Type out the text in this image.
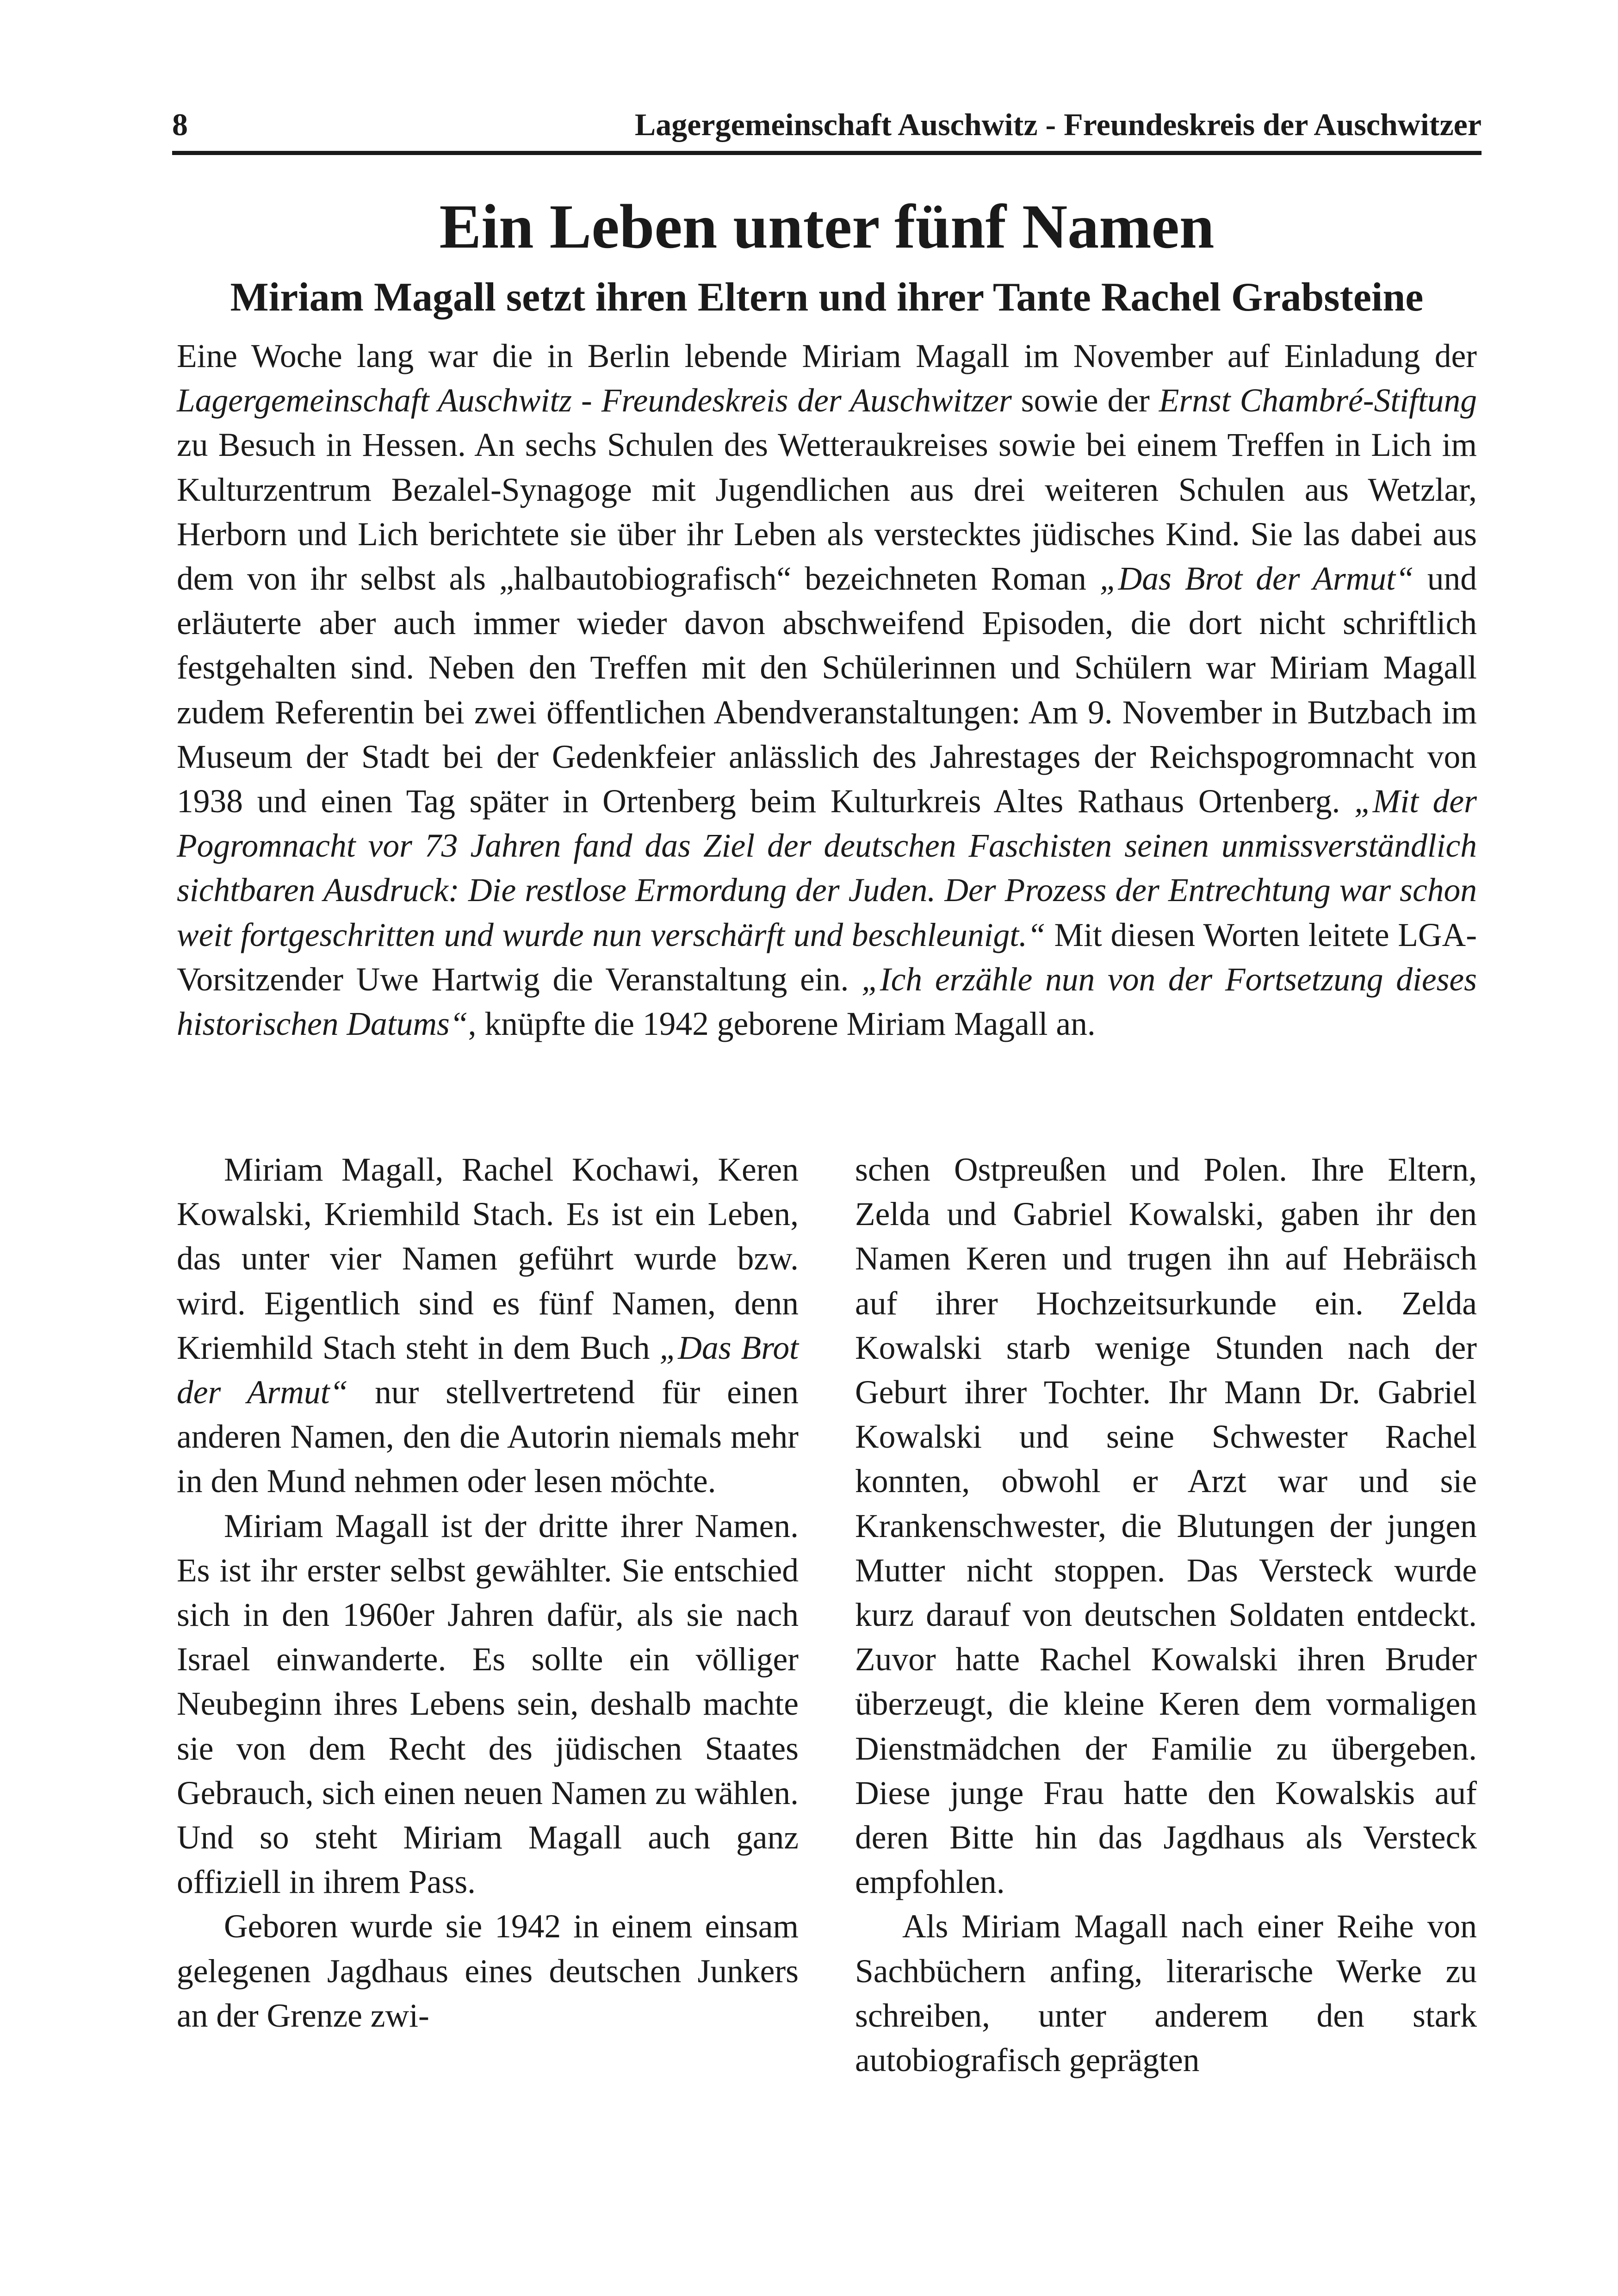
8	Lagergemeinschaft Auschwitz - Freundeskreis der Auschwitzer
Ein Leben unter fünf Namen
Miriam Magall setzt ihren Eltern und ihrer Tante Rachel Grabsteine

Eine Woche lang war die in Berlin lebende Miriam Magall im November auf Einladung der Lagergemeinschaft Auschwitz - Freundeskreis der Auschwitzer sowie der Ernst Chambré-Stiftung zu Besuch in Hessen. An sechs Schulen des Wetteraukreises sowie bei einem Treffen in Lich im Kulturzentrum Bezalel-Synagoge mit Jugendlichen aus drei weiteren Schulen aus Wetzlar, Herborn und Lich berichtete sie über ihr Leben als verstecktes jüdisches Kind. Sie las dabei aus dem von ihr selbst als „halbautobiografisch“ bezeichneten Roman „Das Brot der Armut“ und erläuterte aber auch immer wieder davon abschweifend Episoden, die dort nicht schriftlich festgehalten sind. Neben den Treffen mit den Schülerinnen und Schülern war Miriam Magall zudem Referentin bei zwei öffentlichen Abendveranstaltungen: Am 9. November in Butzbach im Museum der Stadt bei der Gedenkfeier anlässlich des Jahrestages der Reichspogromnacht von 1938 und einen Tag später in Ortenberg beim Kulturkreis Altes Rathaus Ortenberg. „Mit der Pogromnacht vor 73 Jahren fand das Ziel der deutschen Faschisten seinen unmissverständlich sichtbaren Ausdruck: Die restlose Ermordung der Juden. Der Prozess der Entrechtung war schon weit fortgeschritten und wurde nun verschärft und beschleunigt.“ Mit diesen Worten leitete LGA-Vorsitzender Uwe Hartwig die Veranstaltung ein. „Ich erzähle nun von der Fortsetzung dieses historischen Datums“, knüpfte die 1942 geborene Miriam Magall an.

Miriam Magall, Rachel Kochawi, Keren Kowalski, Kriemhild Stach. Es ist ein Leben, das unter vier Namen geführt wurde bzw. wird. Eigentlich sind es fünf Namen, denn Kriemhild Stach steht in dem Buch „Das Brot der Armut“ nur stellvertretend für einen anderen Namen, den die Autorin niemals mehr in den Mund nehmen oder lesen möchte.

Miriam Magall ist der dritte ihrer Namen. Es ist ihr erster selbst gewählter. Sie entschied sich in den 1960er Jahren dafür, als sie nach Israel einwanderte. Es sollte ein völliger Neubeginn ihres Lebens sein, deshalb machte sie von dem Recht des jüdischen Staates Gebrauch, sich einen neuen Namen zu wählen. Und so steht Miriam Magall auch ganz offiziell in ihrem Pass.

Geboren wurde sie 1942 in einem einsam gelegenen Jagdhaus eines deutschen Junkers an der Grenze zwi-

schen Ostpreußen und Polen. Ihre Eltern, Zelda und Gabriel Kowalski, gaben ihr den Namen Keren und trugen ihn auf Hebräisch auf ihrer Hochzeitsurkunde ein. Zelda Kowalski starb wenige Stunden nach der Geburt ihrer Tochter. Ihr Mann Dr. Gabriel Kowalski und seine Schwester Rachel konnten, obwohl er Arzt war und sie Krankenschwester, die Blutungen der jungen Mutter nicht stoppen. Das Versteck wurde kurz darauf von deutschen Soldaten entdeckt. Zuvor hatte Rachel Kowalski ihren Bruder überzeugt, die kleine Keren dem vormaligen Dienstmädchen der Familie zu übergeben. Diese junge Frau hatte den Kowalskis auf deren Bitte hin das Jagdhaus als Versteck empfohlen.

Als Miriam Magall nach einer Reihe von Sachbüchern anfing, literarische Werke zu schreiben, unter anderem den stark autobiografisch geprägten
